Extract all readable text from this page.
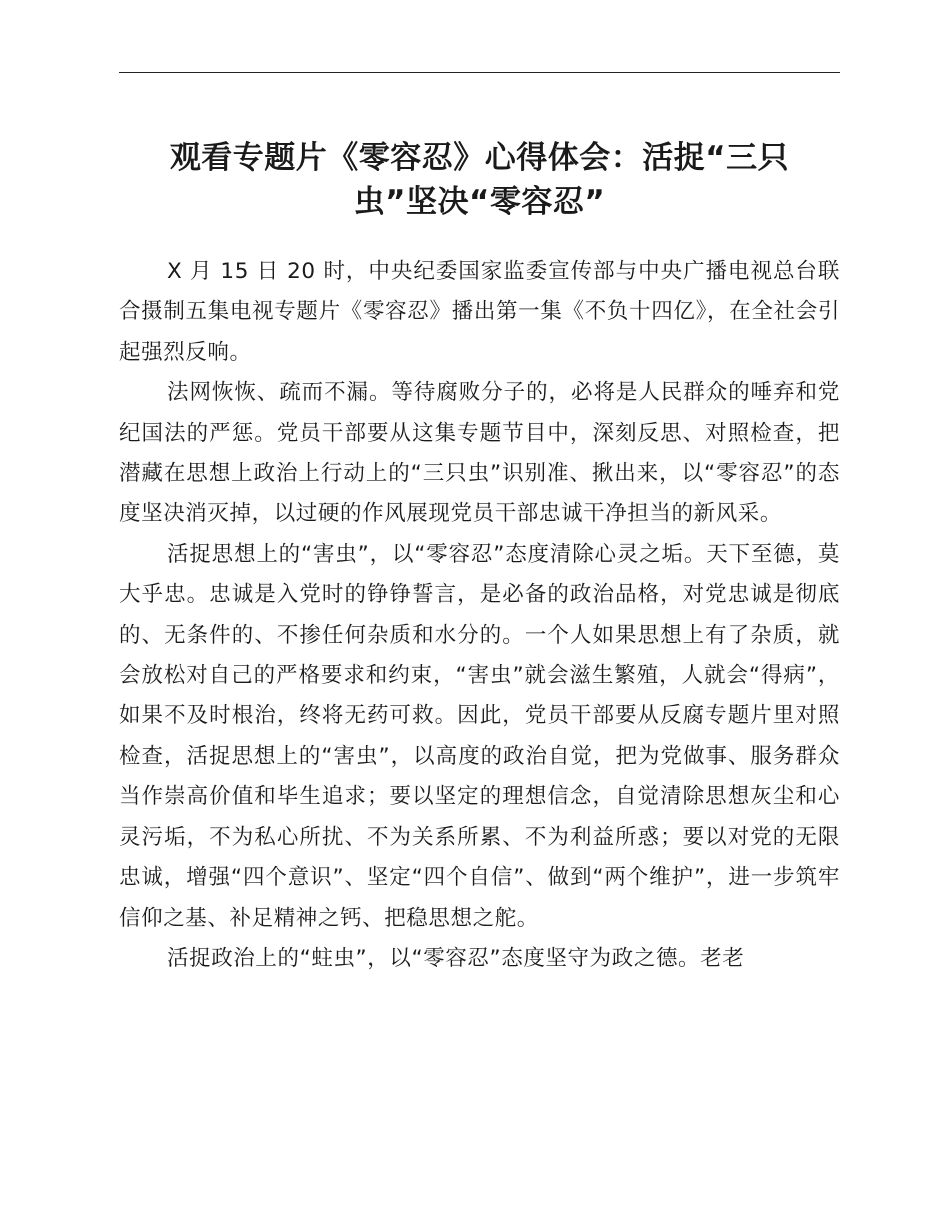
观看专题片《零容忍》心得体会：活捉“三只
虫”坚决“零容忍”

X 月 15 日 20 时，中央纪委国家监委宣传部与中央广播电视总台联合摄制五集电视专题片《零容忍》播出第一集《不负十四亿》，在全社会引起强烈反响。

法网恢恢、疏而不漏。等待腐败分子的，必将是人民群众的唾弃和党纪国法的严惩。党员干部要从这集专题节目中，深刻反思、对照检查，把潜藏在思想上政治上行动上的“三只虫”识别准、揪出来，以“零容忍”的态度坚决消灭掉，以过硬的作风展现党员干部忠诚干净担当的新风采。

活捉思想上的“害虫”，以“零容忍”态度清除心灵之垢。天下至德，莫大乎忠。忠诚是入党时的铮铮誓言，是必备的政治品格，对党忠诚是彻底的、无条件的、不掺任何杂质和水分的。一个人如果思想上有了杂质，就会放松对自己的严格要求和约束，“害虫”就会滋生繁殖，人就会“得病”，如果不及时根治，终将无药可救。因此，党员干部要从反腐专题片里对照检查，活捉思想上的“害虫”，以高度的政治自觉，把为党做事、服务群众当作崇高价值和毕生追求；要以坚定的理想信念，自觉清除思想灰尘和心灵污垢，不为私心所扰、不为关系所累、不为利益所惑；要以对党的无限忠诚，增强“四个意识”、坚定“四个自信”、做到“两个维护”，进一步筑牢信仰之基、补足精神之钙、把稳思想之舵。

活捉政治上的“蛀虫”，以“零容忍”态度坚守为政之德。老老
